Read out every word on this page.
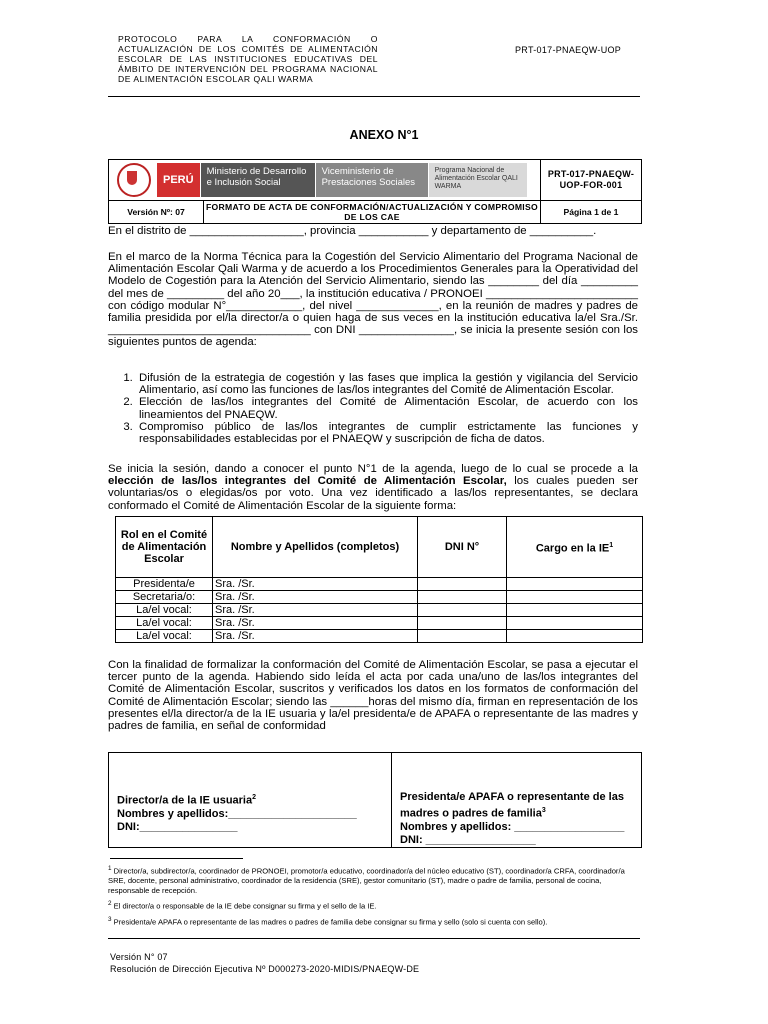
PROTOCOLO PARA LA CONFORMACIÓN O ACTUALIZACIÓN DE LOS COMITÉS DE ALIMENTACIÓN ESCOLAR DE LAS INSTITUCIONES EDUCATIVAS DEL ÁMBITO DE INTERVENCIÓN DEL PROGRAMA NACIONAL DE ALIMENTACIÓN ESCOLAR QALI WARMA
PRT-017-PNAEQW-UOP
ANEXO N°1
PERÚ
Ministerio de Desarrollo e Inclusión Social
Viceministerio de Prestaciones Sociales
Programa Nacional de Alimentación Escolar QALI WARMA		PRT-017-PNAEQW-UOP-FOR-001
Versión Nº: 07	FORMATO DE ACTA DE CONFORMACIÓN/ACTUALIZACIÓN Y COMPROMISO DE LOS CAE	Página 1 de 1
En el distrito de __________________, provincia ___________ y departamento de __________.
En el marco de la Norma Técnica para la Cogestión del Servicio Alimentario del Programa Nacional de Alimentación Escolar Qali Warma y de acuerdo a los Procedimientos Generales para la Operatividad del Modelo de Cogestión para la Atención del Servicio Alimentario, siendo las ________ del día _________ del mes de _________ del año 20___, la institución educativa / PRONOEI ________________________ con código modular N°____________, del nivel _____________, en la reunión de madres y padres de familia presidida por el/la director/a o quien haga de sus veces en la institución educativa la/el Sra./Sr. ________________________________ con DNI _______________, se inicia la presente sesión con los siguientes puntos de agenda:
1. Difusión de la estrategia de cogestión y las fases que implica la gestión y vigilancia del Servicio Alimentario, así como las funciones de las/los integrantes del Comité de Alimentación Escolar.
2. Elección de las/los integrantes del Comité de Alimentación Escolar, de acuerdo con los lineamientos del PNAEQW.
3. Compromiso público de las/los integrantes de cumplir estrictamente las funciones y responsabilidades establecidas por el PNAEQW y suscripción de ficha de datos.
Se inicia la sesión, dando a conocer el punto N°1 de la agenda, luego de lo cual se procede a la elección de las/los integrantes del Comité de Alimentación Escolar, los cuales pueden ser voluntarias/os o elegidas/os por voto. Una vez identificado a las/los representantes, se declara conformado el Comité de Alimentación Escolar de la siguiente forma:
Rol en el Comité de Alimentación Escolar	Nombre y Apellidos (completos)	DNI N°	Cargo en la $IE^1$
Presidenta/e	Sra. /Sr.		
Secretaria/o:	Sra. /Sr.		
La/el vocal:	Sra. /Sr.		
La/el vocal:	Sra. /Sr.		
La/el vocal:	Sra. /Sr.		
Con la finalidad de formalizar la conformación del Comité de Alimentación Escolar, se pasa a ejecutar el tercer punto de la agenda. Habiendo sido leída el acta por cada una/uno de las/los integrantes del Comité de Alimentación Escolar, suscritos y verificados los datos en los formatos de conformación del Comité de Alimentación Escolar; siendo las ______horas del mismo día, firman en representación de los presentes el/la director/a de la IE usuaria y la/el presidenta/e de APAFA o representante de las madres y padres de familia, en señal de conformidad
Director/a de la IE usuaria$^2$
Nombres y apellidos:_____________________
DNI:________________

Presidenta/e APAFA o representante de las madres o padres de familia$^3$
Nombres y apellidos: __________________
DNI: __________________
$^1$ Director/a, subdirector/a, coordinador de PRONOEI, promotor/a educativo, coordinador/a del núcleo educativo (ST), coordinador/a CRFA, coordinador/a SRE, docente, personal administrativo, coordinador de la residencia (SRE), gestor comunitario (ST), madre o padre de familia, personal de cocina, responsable de recepción.
$^2$ El director/a o responsable de la IE debe consignar su firma y el sello de la IE.
$^3$ Presidenta/e APAFA o representante de las madres o padres de familia debe consignar su firma y sello (solo si cuenta con sello).
Versión N° 07
Resolución de Dirección Ejecutiva Nº D000273-2020-MIDIS/PNAEQW-DE
